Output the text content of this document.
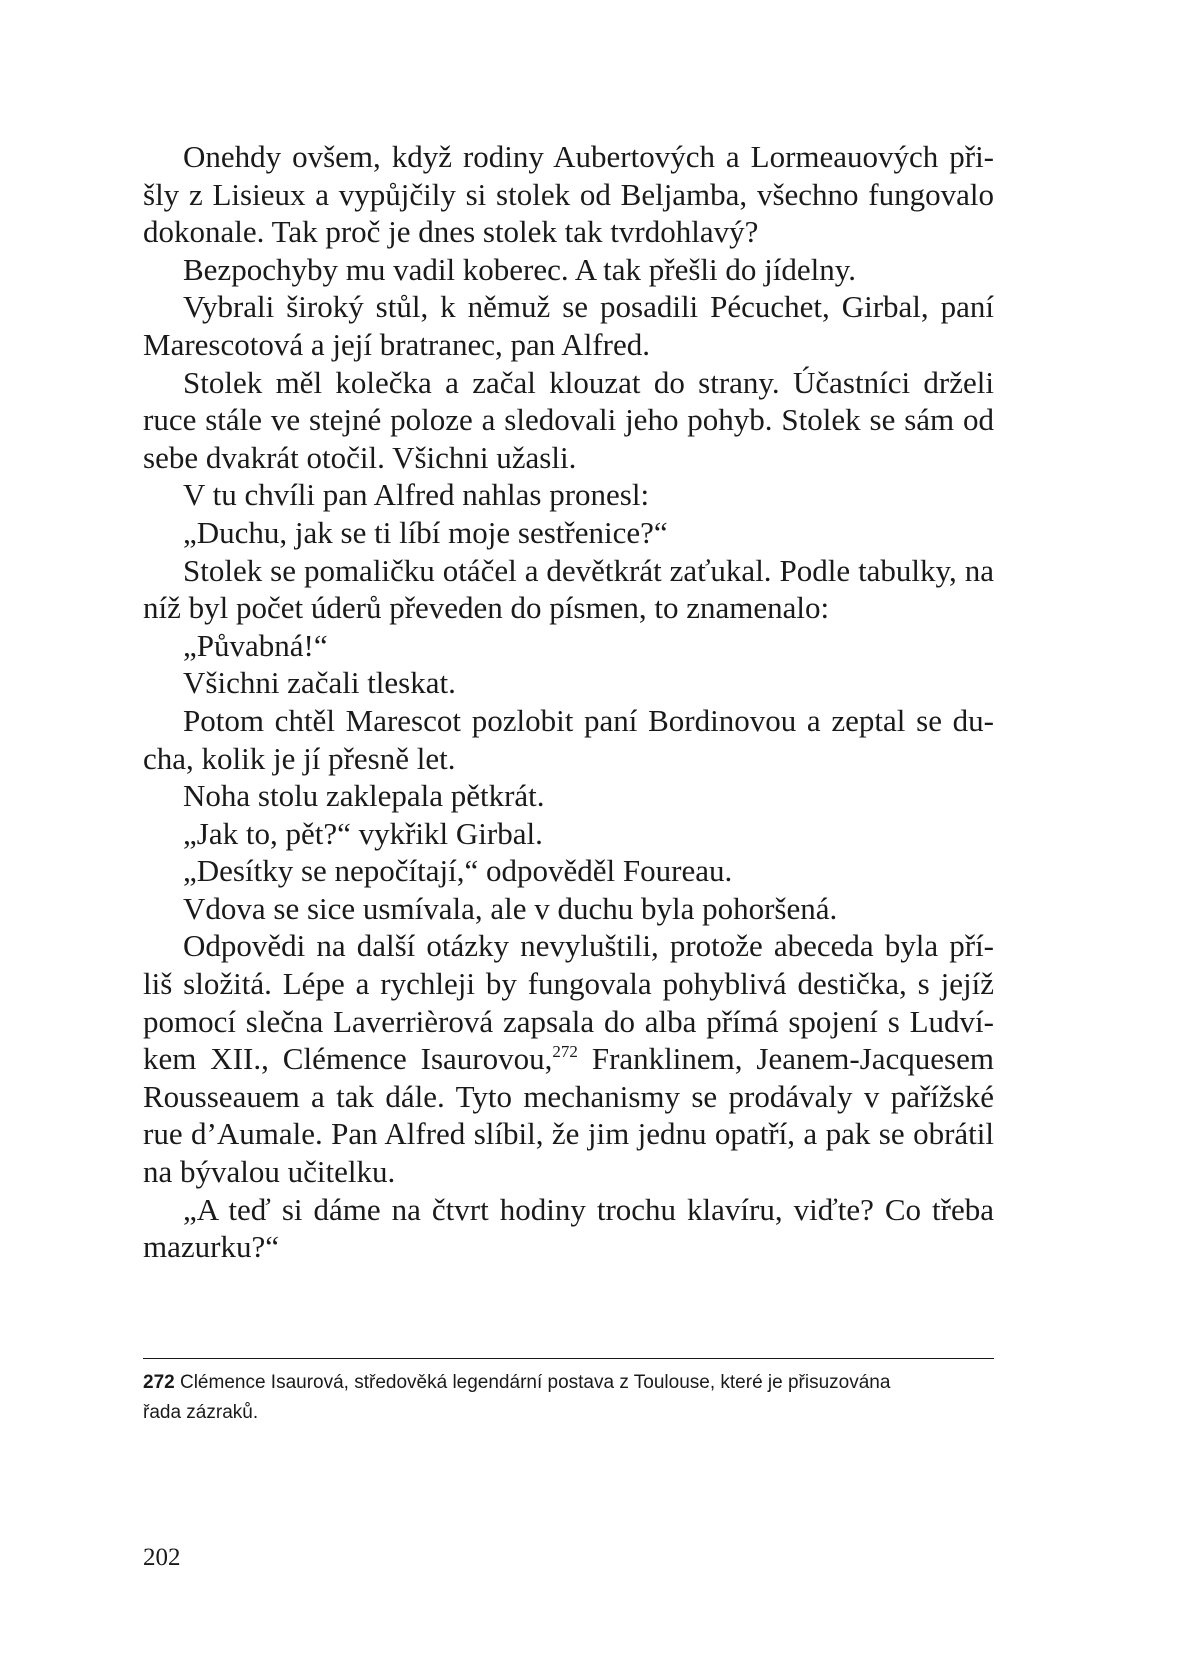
Onehdy ovšem, když rodiny Aubertových a Lormeauových při-
šly z Lisieux a vypůjčily si stolek od Beljamba, všechno fungovalo
dokonale. Tak proč je dnes stolek tak tvrdohlavý?
Bezpochyby mu vadil koberec. A tak přešli do jídelny.
Vybrali široký stůl, k němuž se posadili Pécuchet, Girbal, paní
Marescotová a její bratranec, pan Alfred.
Stolek měl kolečka a začal klouzat do strany. Účastníci drželi
ruce stále ve stejné poloze a sledovali jeho pohyb. Stolek se sám od
sebe dvakrát otočil. Všichni užasli.
V tu chvíli pan Alfred nahlas pronesl:
„Duchu, jak se ti líbí moje sestřenice?“
Stolek se pomaličku otáčel a devětkrát zaťukal. Podle tabulky, na
níž byl počet úderů převeden do písmen, to znamenalo:
„Půvabná!“
Všichni začali tleskat.
Potom chtěl Marescot pozlobit paní Bordinovou a zeptal se du-
cha, kolik je jí přesně let.
Noha stolu zaklepala pětkrát.
„Jak to, pět?“ vykřikl Girbal.
„Desítky se nepočítají,“ odpověděl Foureau.
Vdova se sice usmívala, ale v duchu byla pohoršená.
Odpovědi na další otázky nevyluštili, protože abeceda byla pří-
liš složitá. Lépe a rychleji by fungovala pohyblivá destička, s jejíž
pomocí slečna Laverrièrová zapsala do alba přímá spojení s Ludví-
kem XII., Clémence Isaurovou,$^{272}$ Franklinem, Jeanem-Jacquesem
Rousseauem a tak dále. Tyto mechanismy se prodávaly v pařížské
rue d’Aumale. Pan Alfred slíbil, že jim jednu opatří, a pak se obrátil
na bývalou učitelku.
„A teď si dáme na čtvrt hodiny trochu klavíru, viďte? Co třeba
mazurku?“
272 Clémence Isaurová, středověká legendární postava z Toulouse, které je přisuzována
řada zázraků.
202
